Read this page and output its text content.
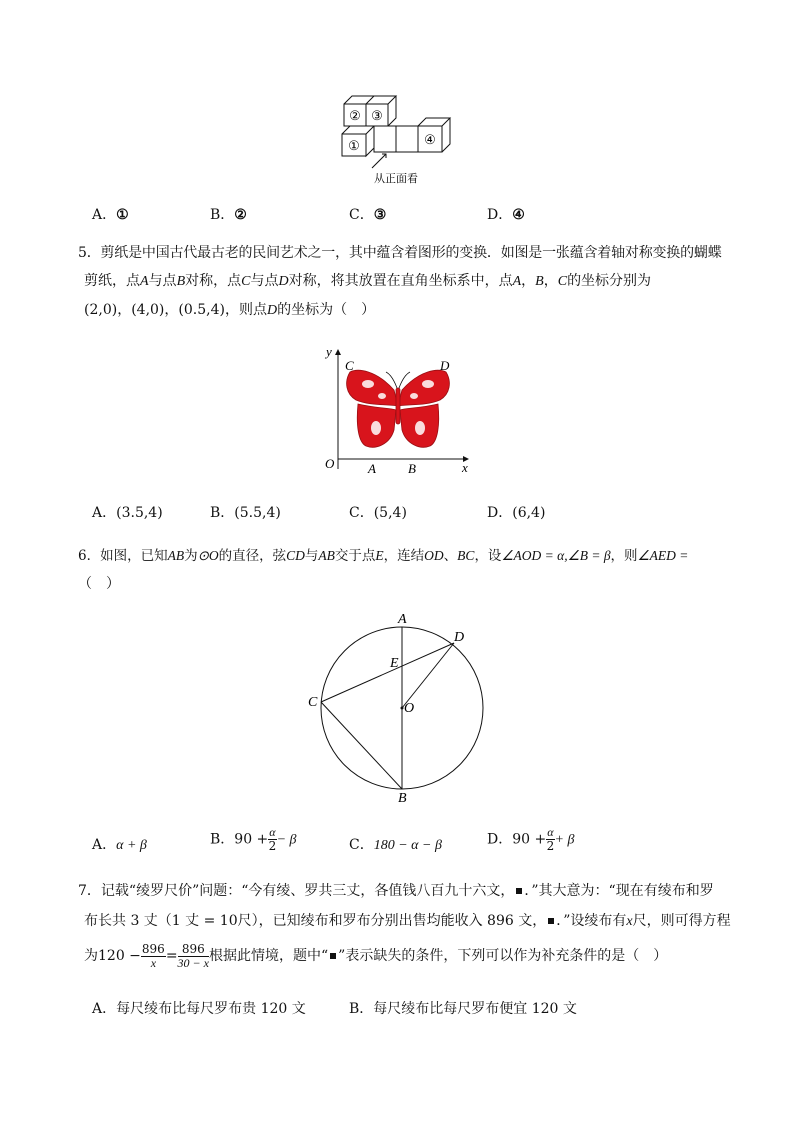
② ③
①	④
从正面看
A．①	B．②	C．③	D．④
5．剪纸是中国古代最古老的民间艺术之一，其中蕴含着图形的变换．如图是一张蕴含着轴对称变换的蝴蝶
剪纸，点A与点B对称，点C与点D对称，将其放置在直角坐标系中，点A，B，C的坐标分别为
(2,0)，(4,0)，(0.5,4)，则点D的坐标为（　）
y
x
O	A B
C	D
A．(3.5,4)	B．(5.5,4)	C．(5,4)	D．(6,4)
6．如图，已知AB为⊙O的直径，弦CD与AB交于点E，连结OD、BC，设∠AOD = α,∠B = β，则∠AED =
（　）
A
B
C
D
E
O
A．α + β	B．$90 + \frac{\alpha}{2} - \beta$	C．180 − α − β	D．$90 + \frac{\alpha}{2} + \beta$
7．记载“绫罗尺价”问题：“今有绫、罗共三丈，各值钱八百九十六文， ．”其大意为：“现在有绫布和罗
布长共 3 丈（1 丈 = 10尺），已知绫布和罗布分别出售均能收入 896 文， ．”设绫布有x尺，则可得方程
为$120 - \frac{896}{x} = \frac{896}{30 - x}$ 根据此情境，题中“ ”表示缺失的条件，下列可以作为补充条件的是（　）
A．每尺绫布比每尺罗布贵 120 文	B．每尺绫布比每尺罗布便宜 120 文
